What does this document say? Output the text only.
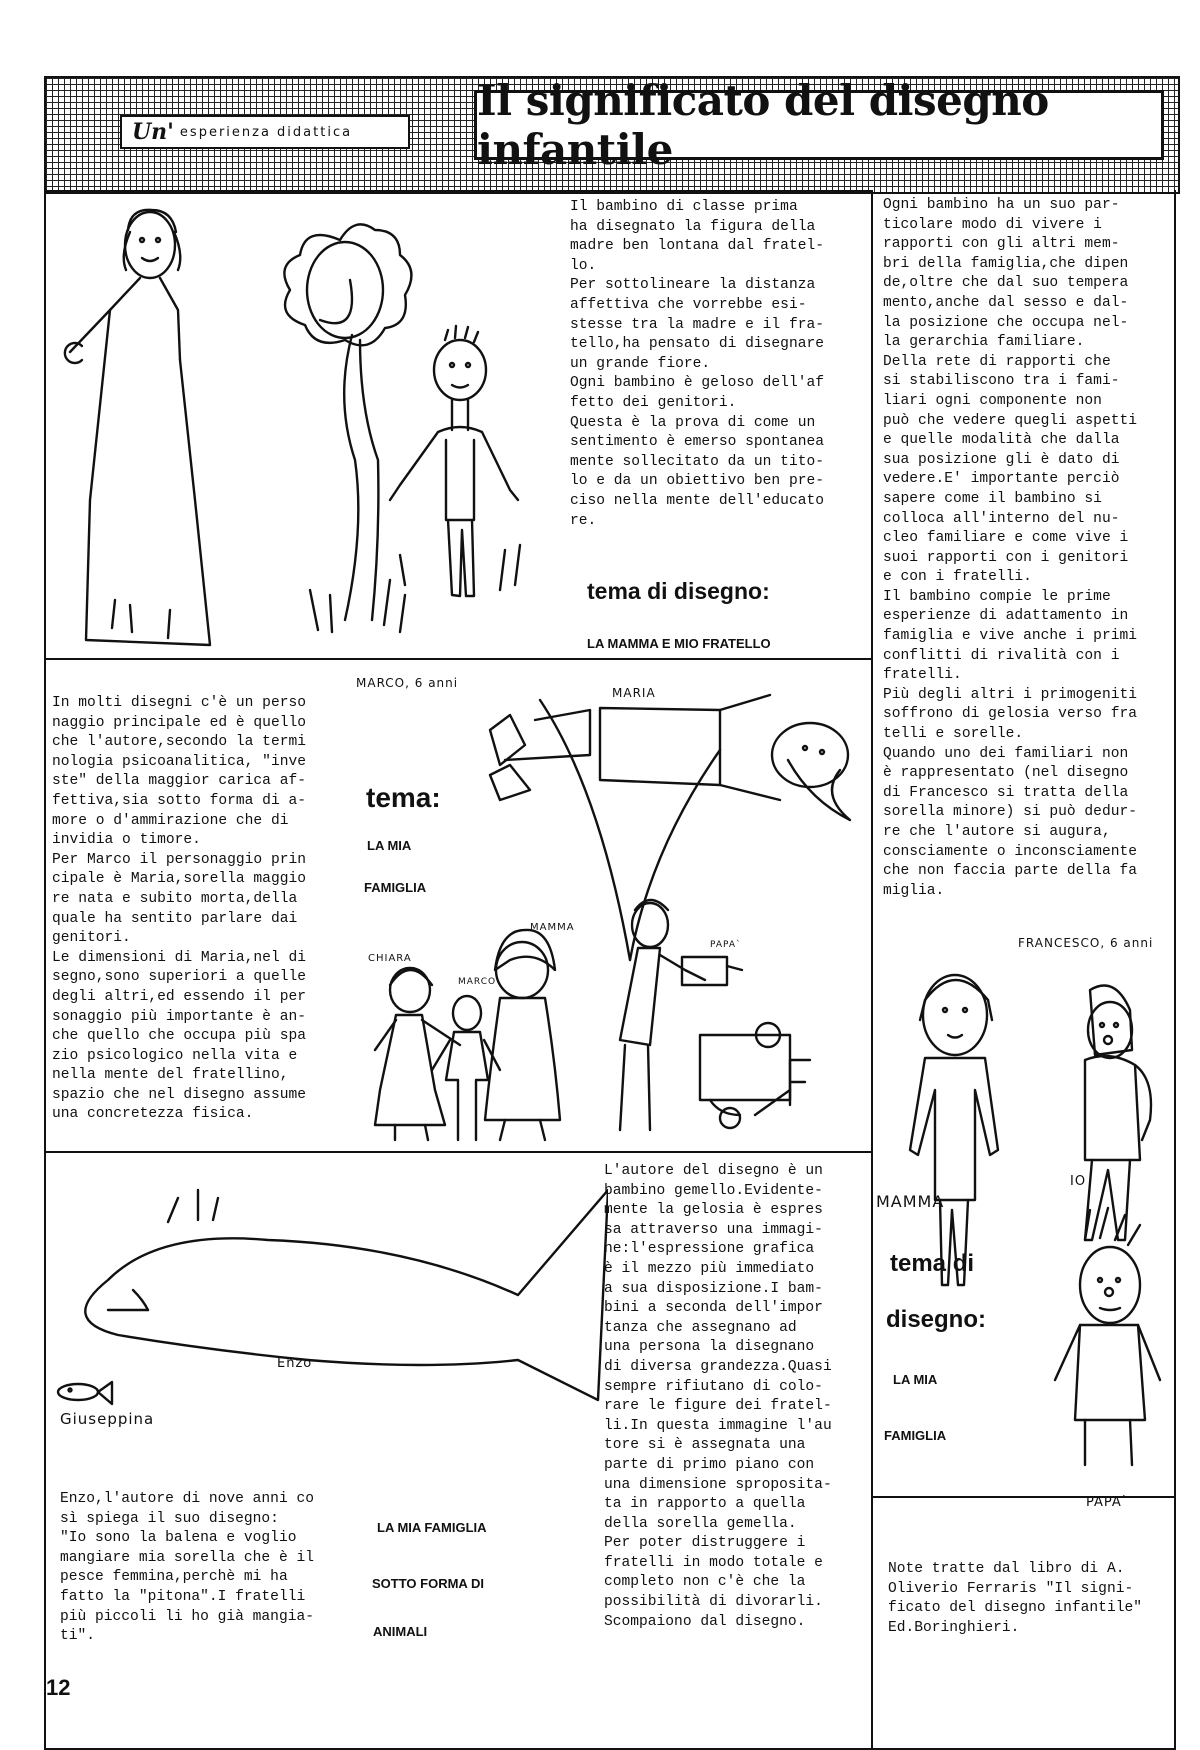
Un' esperienza didattica
Il significato del disegno infantile
Il bambino di classe prima
ha disegnato la figura della
madre ben lontana dal fratel-
lo.
Per sottolineare la distanza
affettiva che vorrebbe esi-
stesse tra la madre e il fra-
tello,ha pensato di disegnare
un grande fiore.
Ogni bambino è geloso dell'af
fetto dei genitori.
Questa è la prova di come un
sentimento è emerso spontanea
mente sollecitato da un tito-
lo e da un obiettivo ben pre-
ciso nella mente dell'educato
re.
tema di disegno:
LA MAMMA E MIO FRATELLO
Ogni bambino ha un suo par-
ticolare modo di vivere i
rapporti con gli altri mem-
bri della famiglia,che dipen
de,oltre che dal suo tempera
mento,anche dal sesso e dal-
la posizione che occupa nel-
la gerarchia familiare.
Della rete di rapporti che
si stabiliscono tra i fami-
liari ogni componente non
può che vedere quegli aspetti
e quelle modalità che dalla
sua posizione gli è dato di
vedere.E' importante perciò
sapere come il bambino si
colloca all'interno del nu-
cleo familiare e come vive i
suoi rapporti con i genitori
e con i fratelli.
Il bambino compie le prime
esperienze di adattamento in
famiglia e vive anche i primi
conflitti di rivalità con i
fratelli.
Più degli altri i primogeniti
soffrono di gelosia verso fra
telli e sorelle.
Quando uno dei familiari non
è rappresentato (nel disegno
di Francesco si tratta della
sorella minore) si può dedur-
re che l'autore si augura,
consciamente o inconsciamente
che non faccia parte della fa
miglia.
In molti disegni c'è un perso
naggio principale ed è quello
che l'autore,secondo la termi
nologia psicoanalitica, "inve
ste" della maggior carica af-
fettiva,sia sotto forma di a-
more o d'ammirazione che di
invidia o timore.
Per Marco il personaggio prin
cipale è Maria,sorella maggio
re nata e subito morta,della
quale ha sentito parlare dai
genitori.
Le dimensioni di Maria,nel di
segno,sono superiori a quelle
degli altri,ed essendo il per
sonaggio più importante è an-
che quello che occupa più spa
zio psicologico nella vita e
nella mente del fratellino,
spazio che nel disegno assume
una concretezza fisica.
MARCO, 6 anni
tema:
LA MIA
FAMIGLIA
MARIA
MAMMA
CHIARA
MARCO
PAPA`
Enzo
Giuseppina
L'autore del disegno è un
bambino gemello.Evidente-
mente la gelosia è espres
sa attraverso una immagi-
ne:l'espressione grafica
è il mezzo più immediato
a sua disposizione.I bam-
bini a seconda dell'impor
tanza che assegnano ad
una persona la disegnano
di diversa grandezza.Quasi
sempre rifiutano di colo-
rare le figure dei fratel-
li.In questa immagine l'au
tore si è assegnata una
parte di primo piano con
una dimensione sproposita-
ta in rapporto a quella
della sorella gemella.
Per poter distruggere i
fratelli in modo totale e
completo non c'è che la
possibilità di divorarli.
Scompaiono dal disegno.
Enzo,l'autore di nove anni co
sì spiega il suo disegno:
"Io sono la balena e voglio
mangiare mia sorella che è il
pesce femmina,perchè mi ha
fatto la "pitona".I fratelli
più piccoli li ho già mangia-
ti".
LA MIA FAMIGLIA
SOTTO FORMA DI
ANIMALI
FRANCESCO, 6 anni
MAMMA
IO
PAPA`
tema di
disegno:
LA MIA
FAMIGLIA
Note tratte dal libro di A.
Oliverio Ferraris "Il signi-
ficato del disegno infantile"
Ed.Boringhieri.
12
